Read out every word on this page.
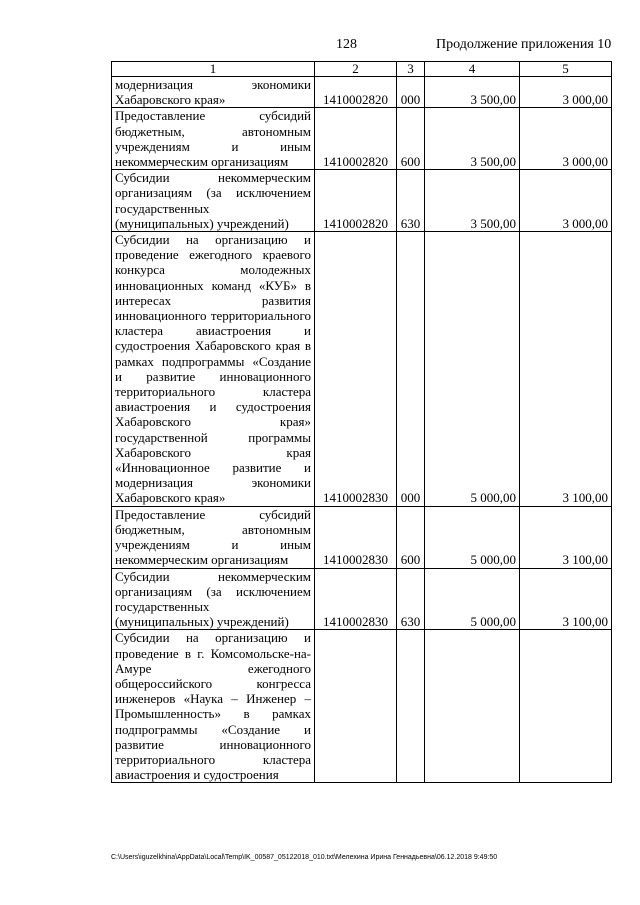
128	Продолжение приложения 10
1	2	3	4	5
модернизация экономики Хабаровского края»	1410002820	000	3 500,00	3 000,00
Предоставление субсидий бюджетным, автономным учреждениям и иным некоммерческим организациям	1410002820	600	3 500,00	3 000,00
Субсидии некоммерческим организациям (за исключением государственных (муниципальных) учреждений)	1410002820	630	3 500,00	3 000,00
Субсидии на организацию и проведение ежегодного краевого конкурса молодежных инновационных команд «КУБ» в интересах развития инновационного территориального кластера авиастроения и судостроения Хабаровского края в рамках подпрограммы «Создание и развитие инновационного территориального кластера авиастроения и судостроения Хабаровского края» государственной программы Хабаровского края «Инновационное развитие и модернизация экономики Хабаровского края»	1410002830	000	5 000,00	3 100,00
Предоставление субсидий бюджетным, автономным учреждениям и иным некоммерческим организациям	1410002830	600	5 000,00	3 100,00
Субсидии некоммерческим организациям (за исключением государственных (муниципальных) учреждений)	1410002830	630	5 000,00	3 100,00
Субсидии на организацию и проведение в г. Комсомольске-на-Амуре ежегодного общероссийского конгресса инженеров «Наука – Инженер – Промышленность» в рамках подпрограммы «Создание и развитие инновационного территориального кластера авиастроения и судостроения				
C:\Users\iguzelkhina\AppData\Local\Temp\IK_00587_05122018_010.txt\Мелехина Ирина Геннадьевна\06.12.2018 9:49:50
